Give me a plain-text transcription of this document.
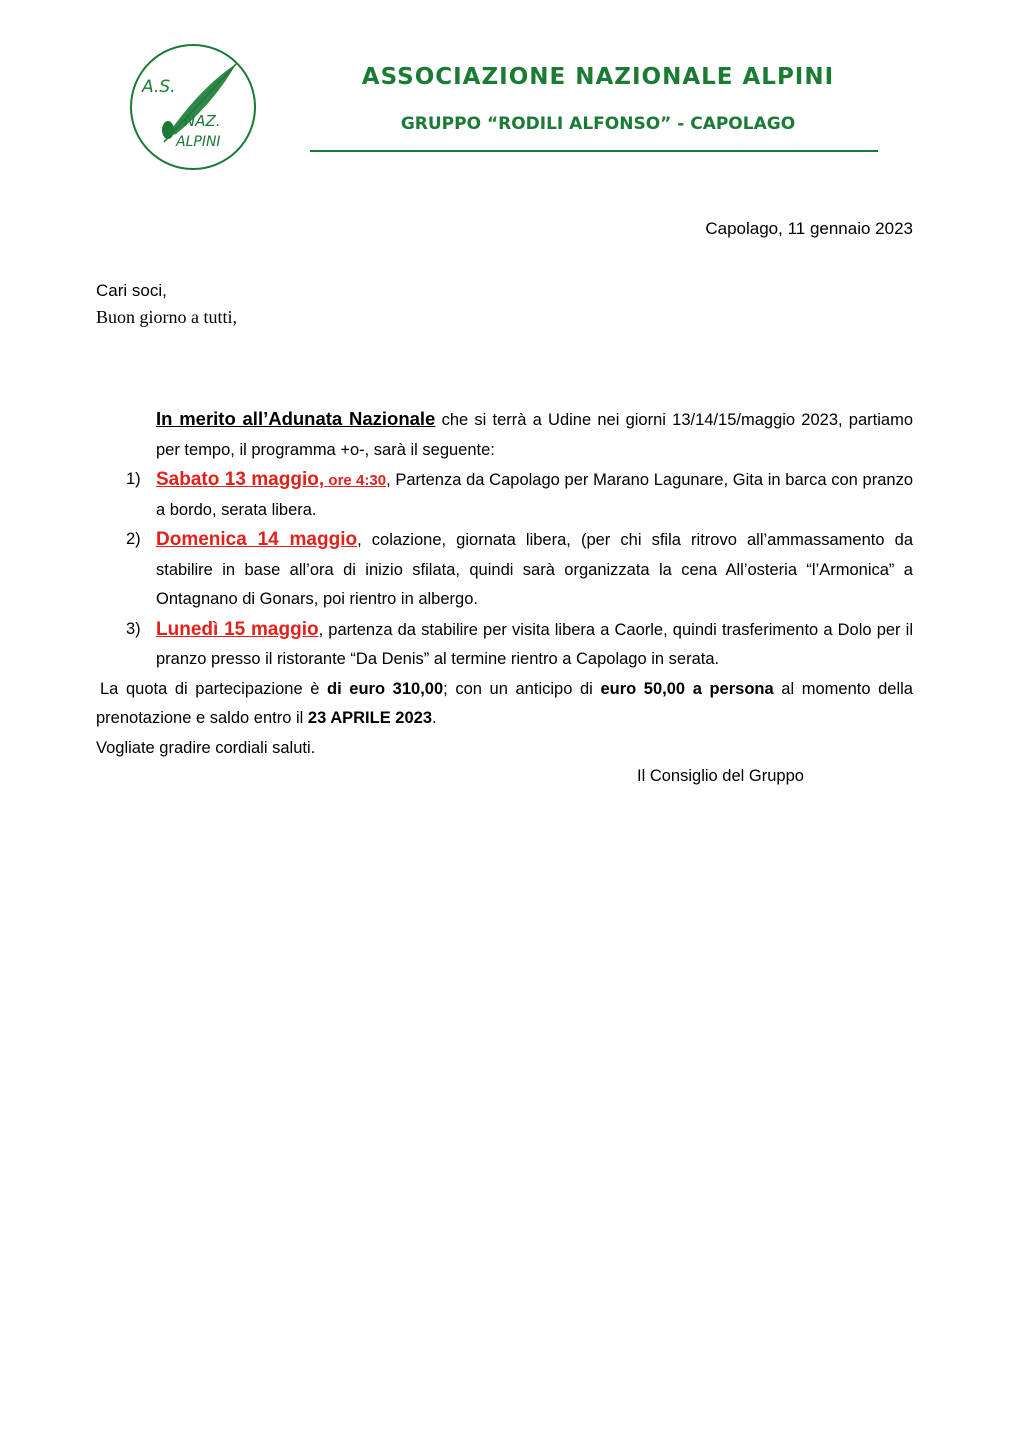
A.S.
NAZ.
ALPINI
ASSOCIAZIONE NAZIONALE ALPINI
GRUPPO “RODILI ALFONSO” - CAPOLAGO
Capolago, 11 gennaio 2023
Cari soci,
Buon giorno a tutti,

In merito all’Adunata Nazionale che si terrà a Udine nei giorni 13/14/15/maggio 2023, partiamo per tempo, il programma +o-, sarà il seguente:

1) Sabato 13 maggio, ore 4:30, Partenza da Capolago per Marano Lagunare, Gita in barca con pranzo a bordo, serata libera.
2) Domenica 14 maggio, colazione, giornata libera, (per chi sfila ritrovo all’ammassamento da stabilire in base all’ora di inizio sfilata, quindi sarà organizzata la cena All’osteria “l’Armonica” a Ontagnano di Gonars, poi rientro in albergo.
3) Lunedì 15 maggio, partenza da stabilire per visita libera a Caorle, quindi trasferimento a Dolo per il pranzo presso il ristorante “Da Denis” al termine rientro a Capolago in serata.

La quota di partecipazione è di euro 310,00; con un anticipo di euro 50,00 a persona al momento della prenotazione e saldo entro il 23 APRILE 2023.

Vogliate gradire cordiali saluti.

Il Consiglio del Gruppo
